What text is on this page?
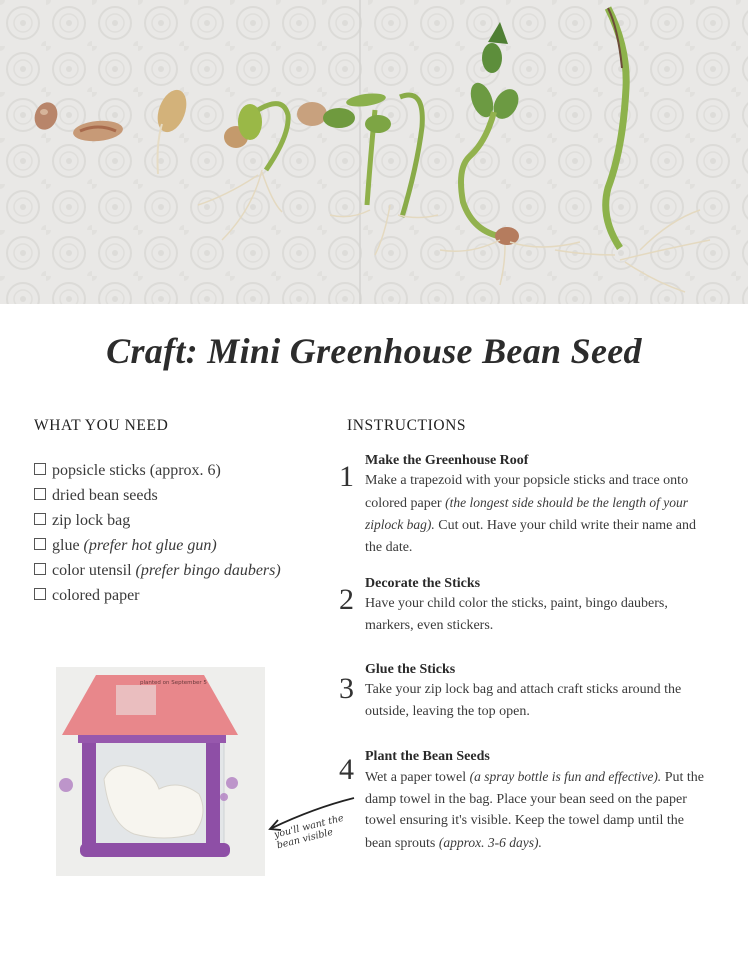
Craft: Mini Greenhouse Bean Seed
WHAT YOU NEED
popsicle sticks (approx. 6)
dried bean seeds
zip lock bag
glue (prefer hot glue gun)
color utensil (prefer bingo daubers)
colored paper
INSTRUCTIONS
1 Make the Greenhouse Roof
Make a trapezoid with your popsicle sticks and trace onto colored paper (the longest side should be the length of your ziplock bag). Cut out. Have your child write their name and the date.
2 Decorate the Sticks
Have your child color the sticks, paint, bingo daubers, markers, even stickers.
3
Glue the Sticks
Take your zip lock bag and attach craft sticks around the outside, leaving the top open.
4 Plant the Bean Seeds
Wet a paper towel (a spray bottle is fun and effective). Put the damp towel in the bag. Place your bean seed on the paper towel ensuring it's visible. Keep the towel damp until the bean sprouts (approx. 3-6 days).
planted on September 5
you'll want the bean visible
